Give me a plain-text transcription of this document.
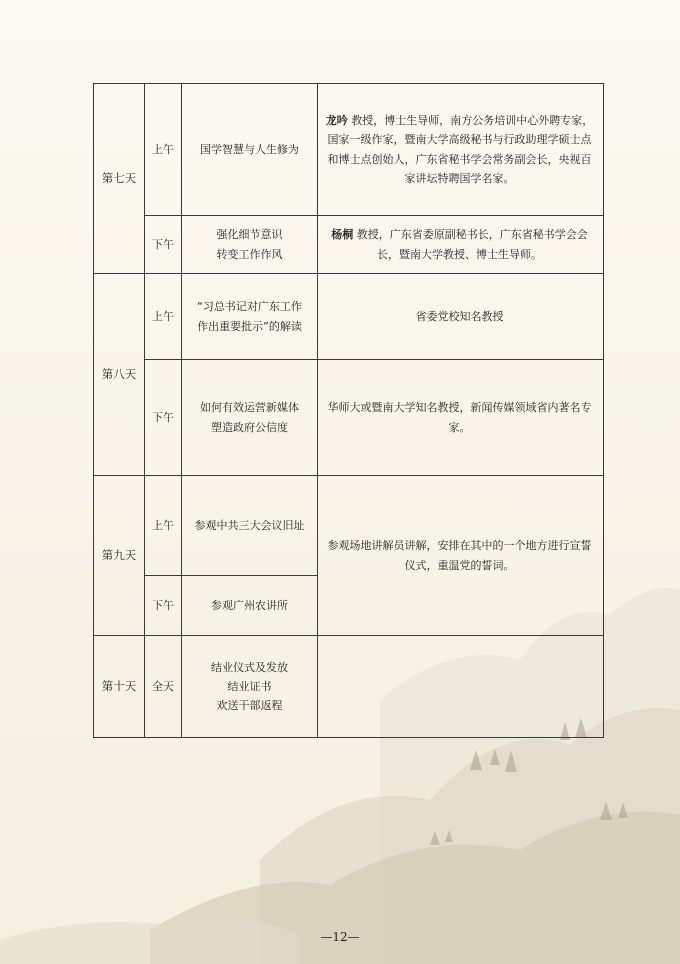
第七天	上午	国学智慧与人生修为	龙吟 教授，博士生导师，南方公务培训中心外聘专家，国家一级作家，暨南大学高级秘书与行政助理学硕士点和博士点创始人，广东省秘书学会常务副会长，央视百家讲坛特聘国学名家。
	下午	强化细节意识
转变工作作风	杨桐 教授，广东省委原副秘书长，广东省秘书学会会长，暨南大学教授、博士生导师。
第八天	上午	“习总书记对广东工作
作出重要批示”的解读	省委党校知名教授
	下午	如何有效运营新媒体
塑造政府公信度	华师大或暨南大学知名教授，新闻传媒领域省内著名专家。
第九天	上午	参观中共三大会议旧址	参观场地讲解员讲解，安排在其中的一个地方进行宣誓仪式，重温党的誓词。
	下午	参观广州农讲所	

第十天	全天	结业仪式及发放
结业证书
欢送干部返程	

—12—
